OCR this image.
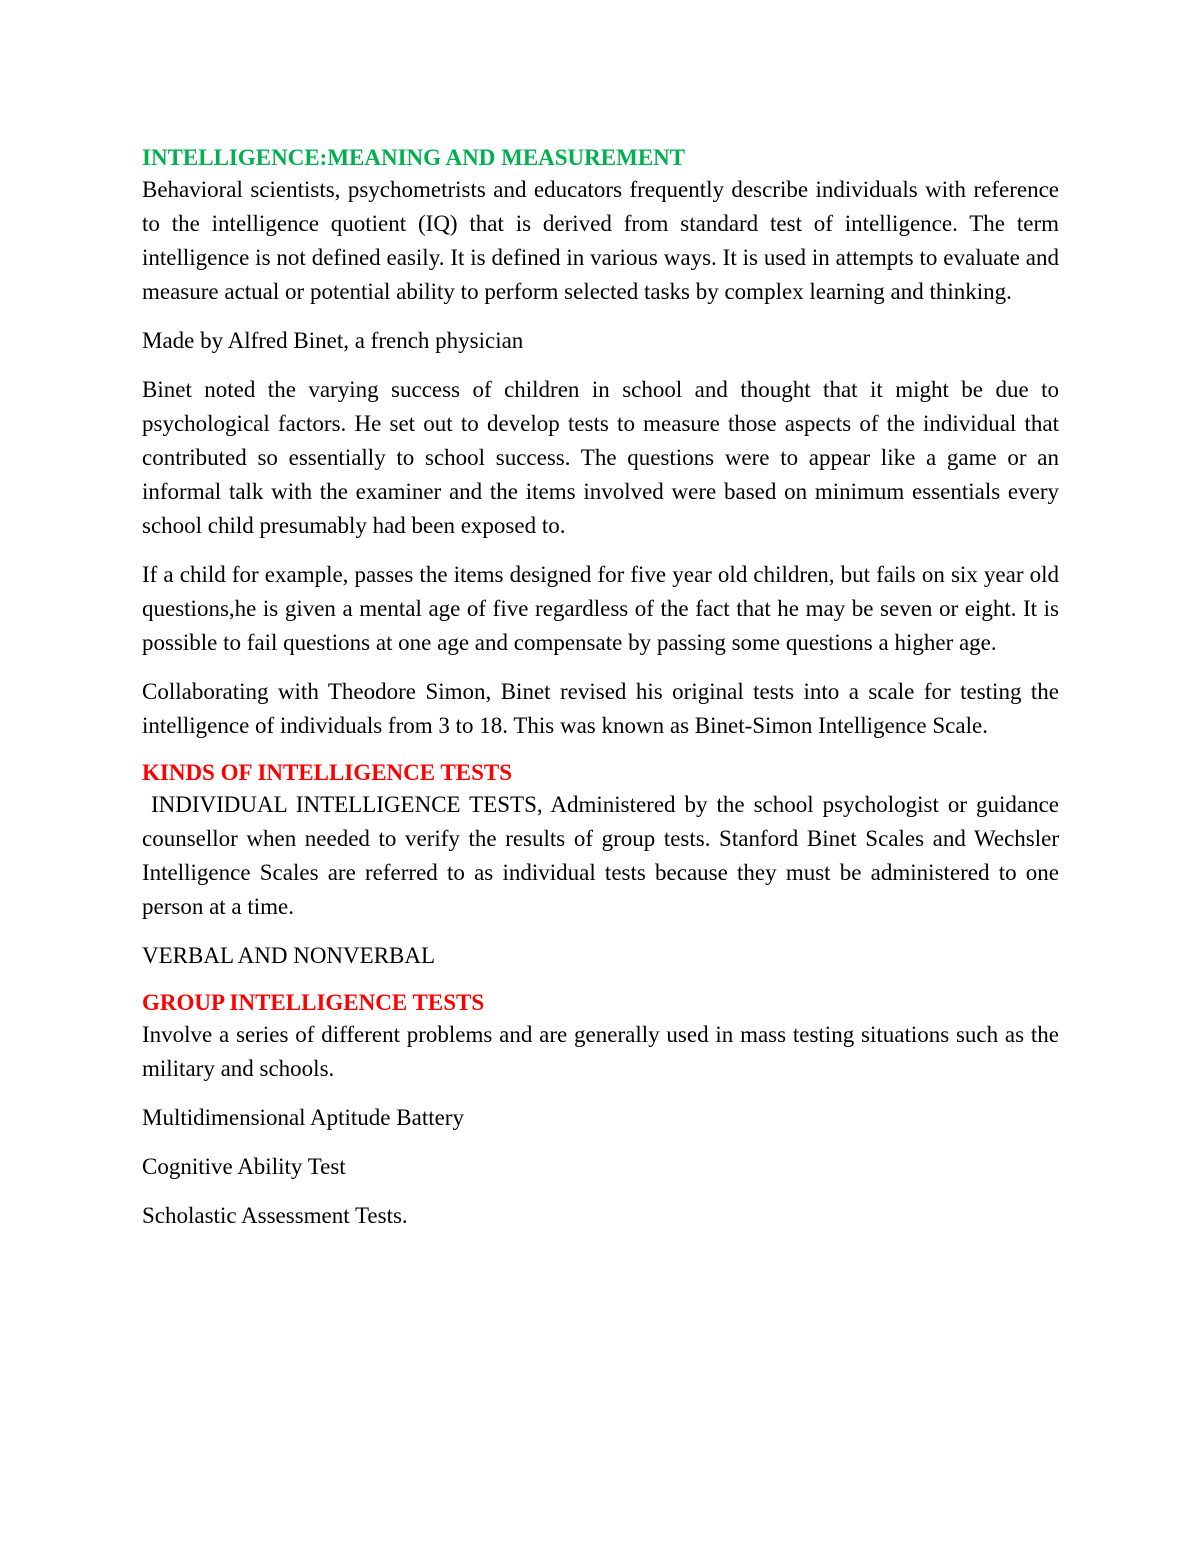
INTELLIGENCE:MEANING AND MEASUREMENT

Behavioral scientists, psychometrists and educators frequently describe individuals with reference to the intelligence quotient (IQ) that is derived from standard test of intelligence. The term intelligence is not defined easily. It is defined in various ways. It is used in attempts to evaluate and measure actual or potential ability to perform selected tasks by complex learning and thinking.

Made by Alfred Binet, a french physician

Binet noted the varying success of children in school and thought that it might be due to psychological factors. He set out to develop tests to measure those aspects of the individual that contributed so essentially to school success. The questions were to appear like a game or an informal talk with the examiner and the items involved were based on minimum essentials every school child presumably had been exposed to.

If a child for example, passes the items designed for five year old children, but fails on six year old questions,he is given a mental age of five regardless of the fact that he may be seven or eight. It is possible to fail questions at one age and compensate by passing some questions a higher age.

Collaborating with Theodore Simon, Binet revised his original tests into a scale for testing the intelligence of individuals from 3 to 18. This was known as Binet-Simon Intelligence Scale.

KINDS OF INTELLIGENCE TESTS

INDIVIDUAL INTELLIGENCE TESTS, Administered by the school psychologist or guidance counsellor when needed to verify the results of group tests. Stanford Binet Scales and Wechsler Intelligence Scales are referred to as individual tests because they must be administered to one person at a time.

VERBAL AND NONVERBAL

GROUP INTELLIGENCE TESTS

Involve a series of different problems and are generally used in mass testing situations such as the military and schools.

Multidimensional Aptitude Battery

Cognitive Ability Test

Scholastic Assessment Tests.
